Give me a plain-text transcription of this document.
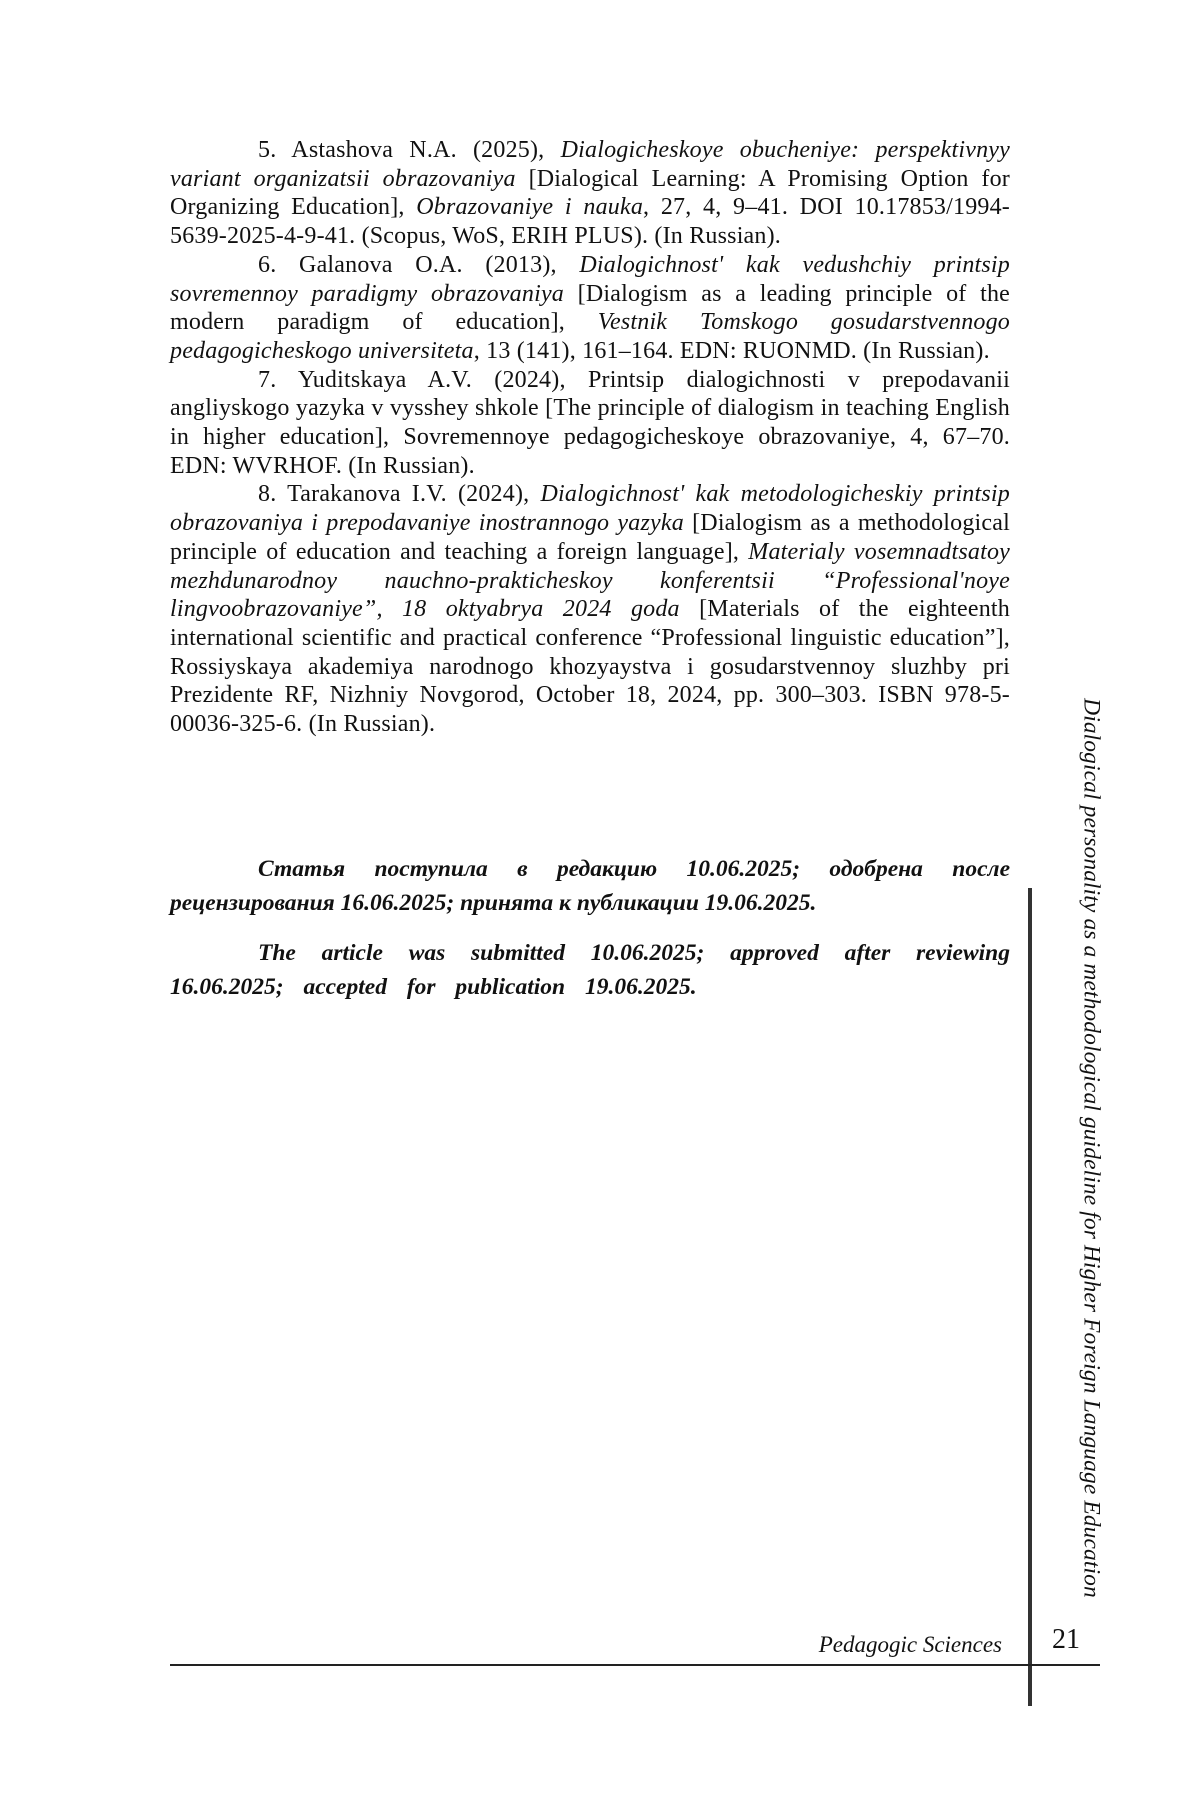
5. Astashova N.A. (2025), Dialogicheskoye obucheniye: perspektivnyy variant organizatsii obrazovaniya [Dialogical Learning: A Promising Option for Organizing Education], Obrazovaniye i nauka, 27, 4, 9–41. DOI 10.17853/1994-5639-2025-4-9-41. (Scopus, WoS, ERIH PLUS). (In Russian).

6. Galanova O.A. (2013), Dialogichnost' kak vedushchiy printsip sovremennoy paradigmy obrazovaniya [Dialogism as a leading principle of the modern paradigm of education], Vestnik Tomskogo gosudarstvennogo pedagogicheskogo universiteta, 13 (141), 161–164. EDN: RUONMD. (In Russian).

7. Yuditskaya A.V. (2024), Printsip dialogichnosti v prepodavanii angliyskogo yazyka v vysshey shkole [The principle of dialogism in teaching English in higher education], Sovremennoye pedagogicheskoye obrazovaniye, 4, 67–70. EDN: WVRHOF. (In Russian).

8. Tarakanova I.V. (2024), Dialogichnost' kak metodologicheskiy printsip obrazovaniya i prepodavaniye inostrannogo yazyka [Dialogism as a methodological principle of education and teaching a foreign language], Materialy vosemnadtsatoy mezhdunarodnoy nauchno-prakticheskoy konferentsii “Professional'noye lingvoobrazovaniye”, 18 oktyabrya 2024 goda [Materials of the eighteenth international scientific and practical conference “Professional linguistic education”], Rossiyskaya akademiya narodnogo khozyaystva i gosudarstvennoy sluzhby pri Prezidente RF, Nizhniy Novgorod, October 18, 2024, pp. 300–303. ISBN 978-5-00036-325-6. (In Russian).

Статья поступила в редакцию 10.06.2025; одобрена после рецензирования 16.06.2025; принята к публикации 19.06.2025.

The article was submitted 10.06.2025; approved after reviewing 16.06.2025; accepted for publication 19.06.2025.	Dialogical personality as a methodological guideline for Higher Foreign Language Education
Pedagogic Sciences 21
